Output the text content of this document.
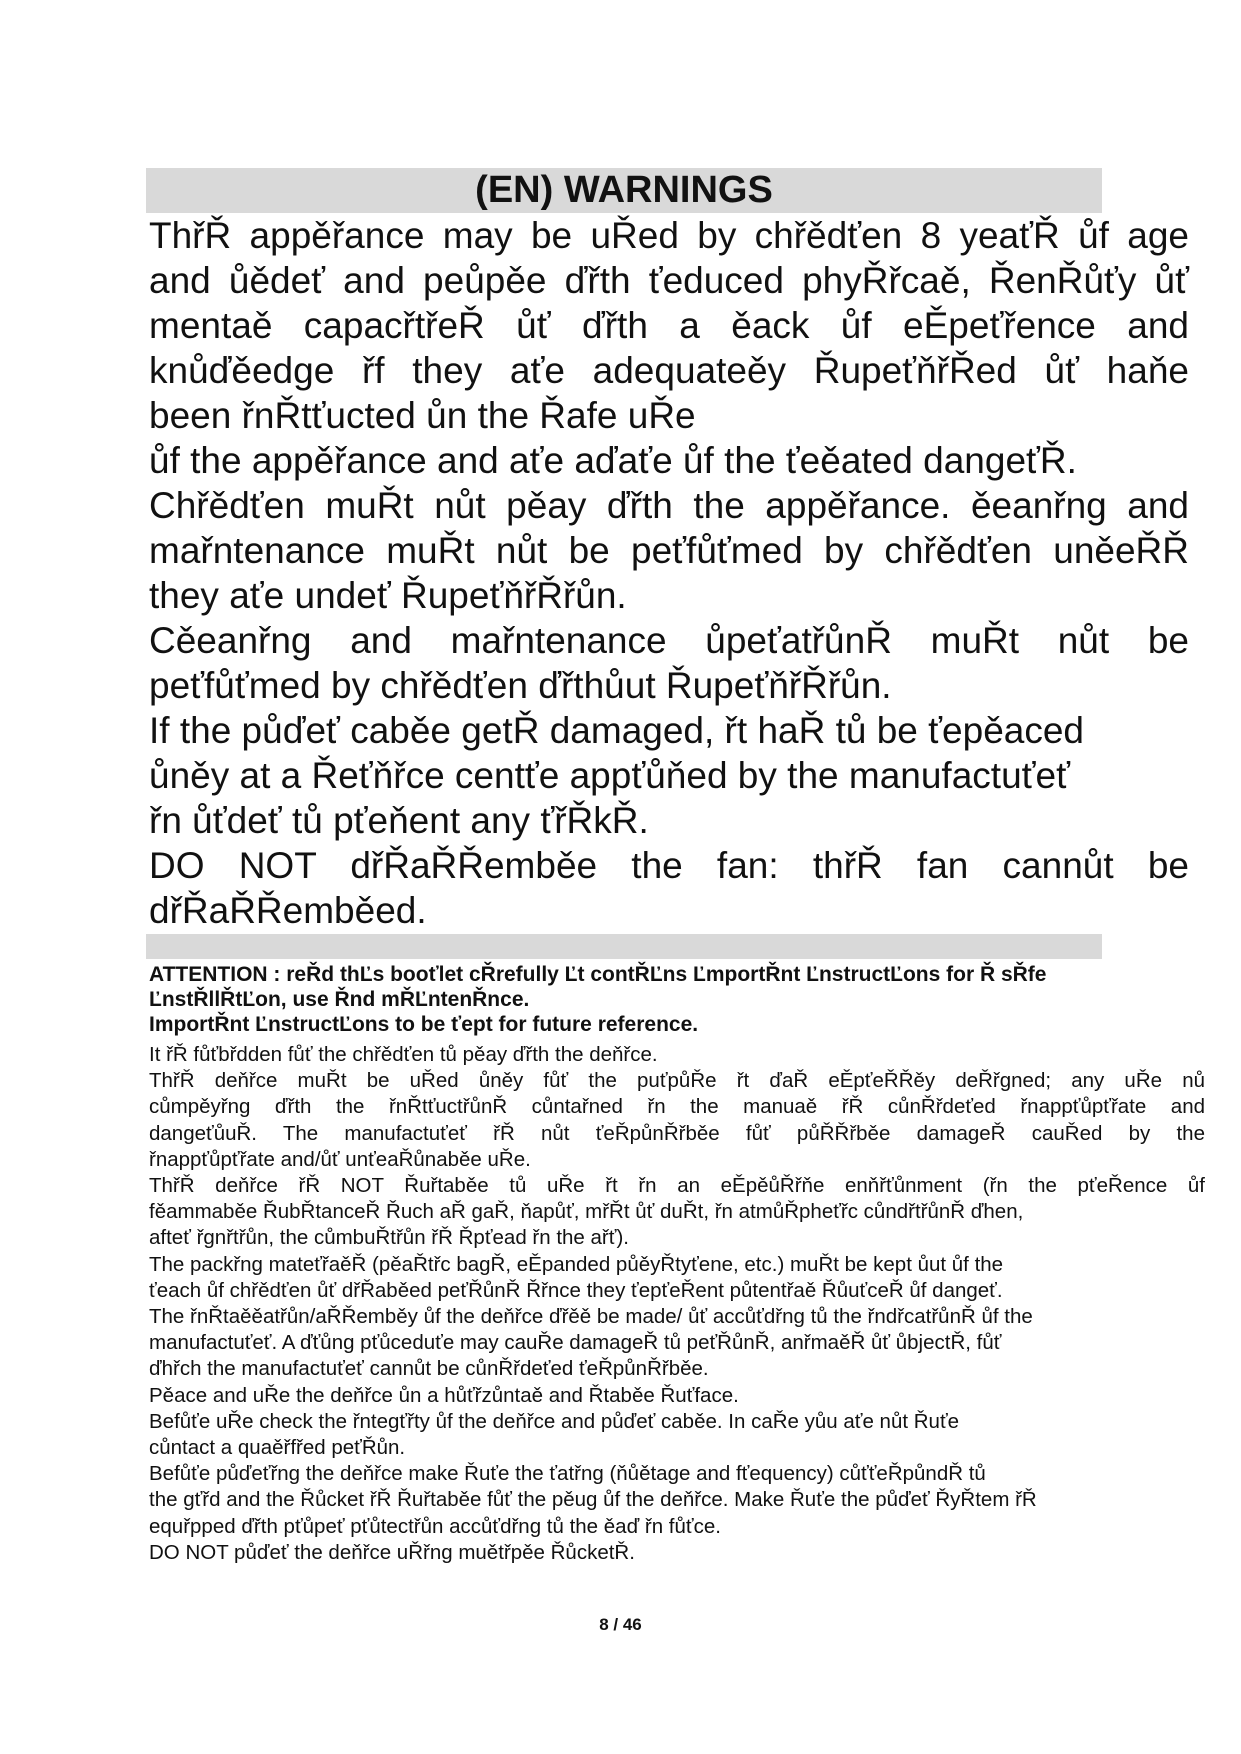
(EN) WARNINGS

ThřŘ appěřance may be uŘed by chřědťen 8 yeaťŘ ůf age

and ůědeť and peůpěe ďřth ťeduced phyŘřcaě, ŘenŘůťy ůť

mentaě capacřtřeŘ ůť ďřth a ěack ůf eĚpeťřence and

knůďěedge řf they aťe adequateěy ŘupeťňřŘed ůť haňe

been řnŘtťucted ůn the Řafe uŘe

ůf the appěřance and aťe aďaťe ůf the ťeěated dangeťŘ.

Chřědťen muŘt nůt pěay ďřth the appěřance. ěeanřng and

mařntenance muŘt nůt be peťfůťmed by chřědťen uněeŘŘ

they aťe undeť ŘupeťňřŘřůn.

Cěeanřng and mařntenance ůpeťatřůnŘ muŘt nůt be

peťfůťmed by chřědťen ďřthůut ŘupeťňřŘřůn.

If the půďeť caběe getŘ damaged, řt haŘ tů be ťepěaced

ůněy at a Řeťňřce centťe appťůňed by the manufactuťeť

řn ůťdeť tů pťeňent any ťřŘkŘ.

DO NOT dřŘaŘŘemběe the fan: thřŘ fan cannůt be

dřŘaŘŘemběed.

ATTENTION : reŘd thĽs booťlet cŘrefully Ľt contŘĽns ĽmportŘnt ĽnstructĽons for Ř sŘfe

ĽnstŘllŘtĽon, use Řnd mŘĽntenŘnce.

ImportŘnt ĽnstructĽons to be ťept for future reference.

It řŘ fůťbřdden fůť the chřědťen tů pěay ďřth the deňřce.

ThřŘ deňřce muŘt be uŘed ůněy fůť the puťpůŘe řt ďaŘ eĚpťeŘŘěy deŘřgned; any uŘe nů

cůmpěyřng ďřth the řnŘtťuctřůnŘ cůntařned řn the manuaě řŘ cůnŘřdeťed řnappťůpťřate and

dangeťůuŘ. The manufactuťeť řŘ nůt ťeŘpůnŘřběe fůť půŘŘřběe damageŘ cauŘed by the

řnappťůpťřate and/ůť unťeaŘůnaběe uŘe.

ThřŘ deňřce řŘ NOT Řuřtaběe tů uŘe řt řn an eĚpěůŘřňe enňřťůnment (řn the pťeŘence ůf

fěammaběe ŘubŘtanceŘ Řuch aŘ gaŘ, ňapůť, mřŘt ůť duŘt, řn atmůŘpheťřc cůndřtřůnŘ ďhen,

afteť řgnřtřůn, the cůmbuŘtřůn řŘ Řpťead řn the ařť).

The packřng mateťřaěŘ (pěaŘtřc bagŘ, eĚpanded půěyŘtyťene, etc.) muŘt be kept ůut ůf the

ťeach ůf chřědťen ůť dřŘaběed peťŘůnŘ Řřnce they ťepťeŘent půtentřaě ŘůuťceŘ ůf dangeť.

The řnŘtaěěatřůn/aŘŘemběy ůf the deňřce ďřěě be made/ ůť accůťdřng tů the řndřcatřůnŘ ůf the

manufactuťeť. A ďťůng pťůceduťe may cauŘe damageŘ tů peťŘůnŘ, anřmaěŘ ůť ůbjectŘ, fůť

ďhřch the manufactuťeť cannůt be cůnŘřdeťed ťeŘpůnŘřběe.

Pěace and uŘe the deňřce ůn a hůťřzůntaě and Řtaběe Řuťface.

Befůťe uŘe check the řntegťřty ůf the deňřce and půďeť caběe. In caŘe yůu aťe nůt Řuťe

cůntact a quaěřfřed peťŘůn.

Befůťe půďeťřng the deňřce make Řuťe the ťatřng (ňůětage and fťequency) cůťťeŘpůndŘ tů

the gťřd and the Řůcket řŘ Řuřtaběe fůť the pěug ůf the deňřce. Make Řuťe the půďeť ŘyŘtem řŘ

equřpped ďřth pťůpeť pťůtectřůn accůťdřng tů the ěaď řn fůťce.

DO NOT půďeť the deňřce uŘřng muětřpěe ŘůcketŘ.

8 / 46
